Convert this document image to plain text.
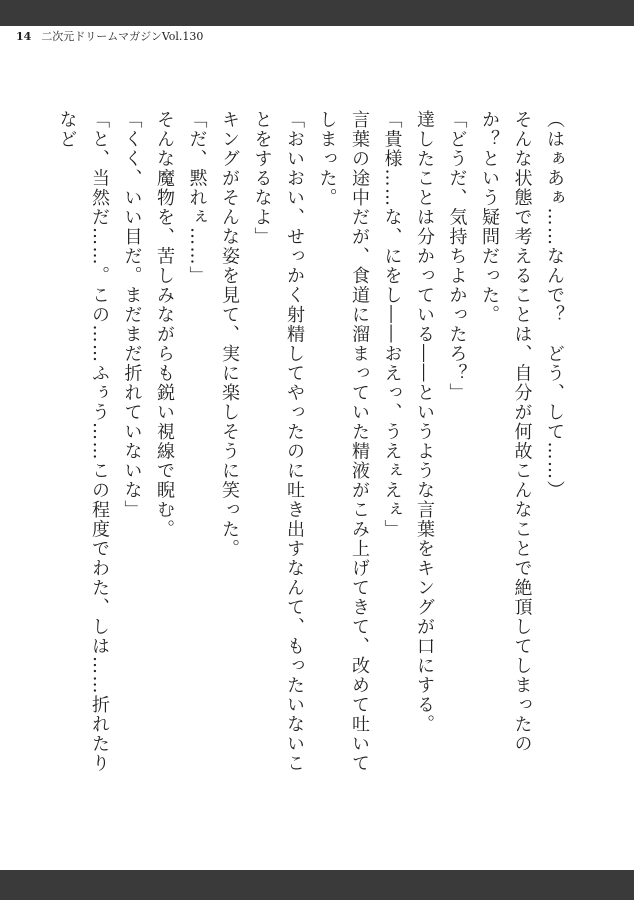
14 二次元ドリームマガジンVol.130

（はぁあぁ……なんで？　どう、して……）

そんな状態で考えることは、自分が何故こんなことで絶頂してしまったのか？という疑問だった。

「どうだ、気持ちよかったろ？」

達したことは分かっている――というような言葉をキングが口にする。

「貴様……な、にをし――おえっ、うえぇえぇ」

言葉の途中だが、食道に溜まっていた精液がこみ上げてきて、改めて吐いてしまった。

「おいおい、せっかく射精してやったのに吐き出すなんて、もったいないことをするなよ」

キングがそんな姿を見て、実に楽しそうに笑った。

「だ、黙れぇ……」

そんな魔物を、苦しみながらも鋭い視線で睨む。

「くく、いい目だ。まだまだ折れていないな」

「と、当然だ……。この……ふぅう……この程度でわた、しは……折れたりなど
